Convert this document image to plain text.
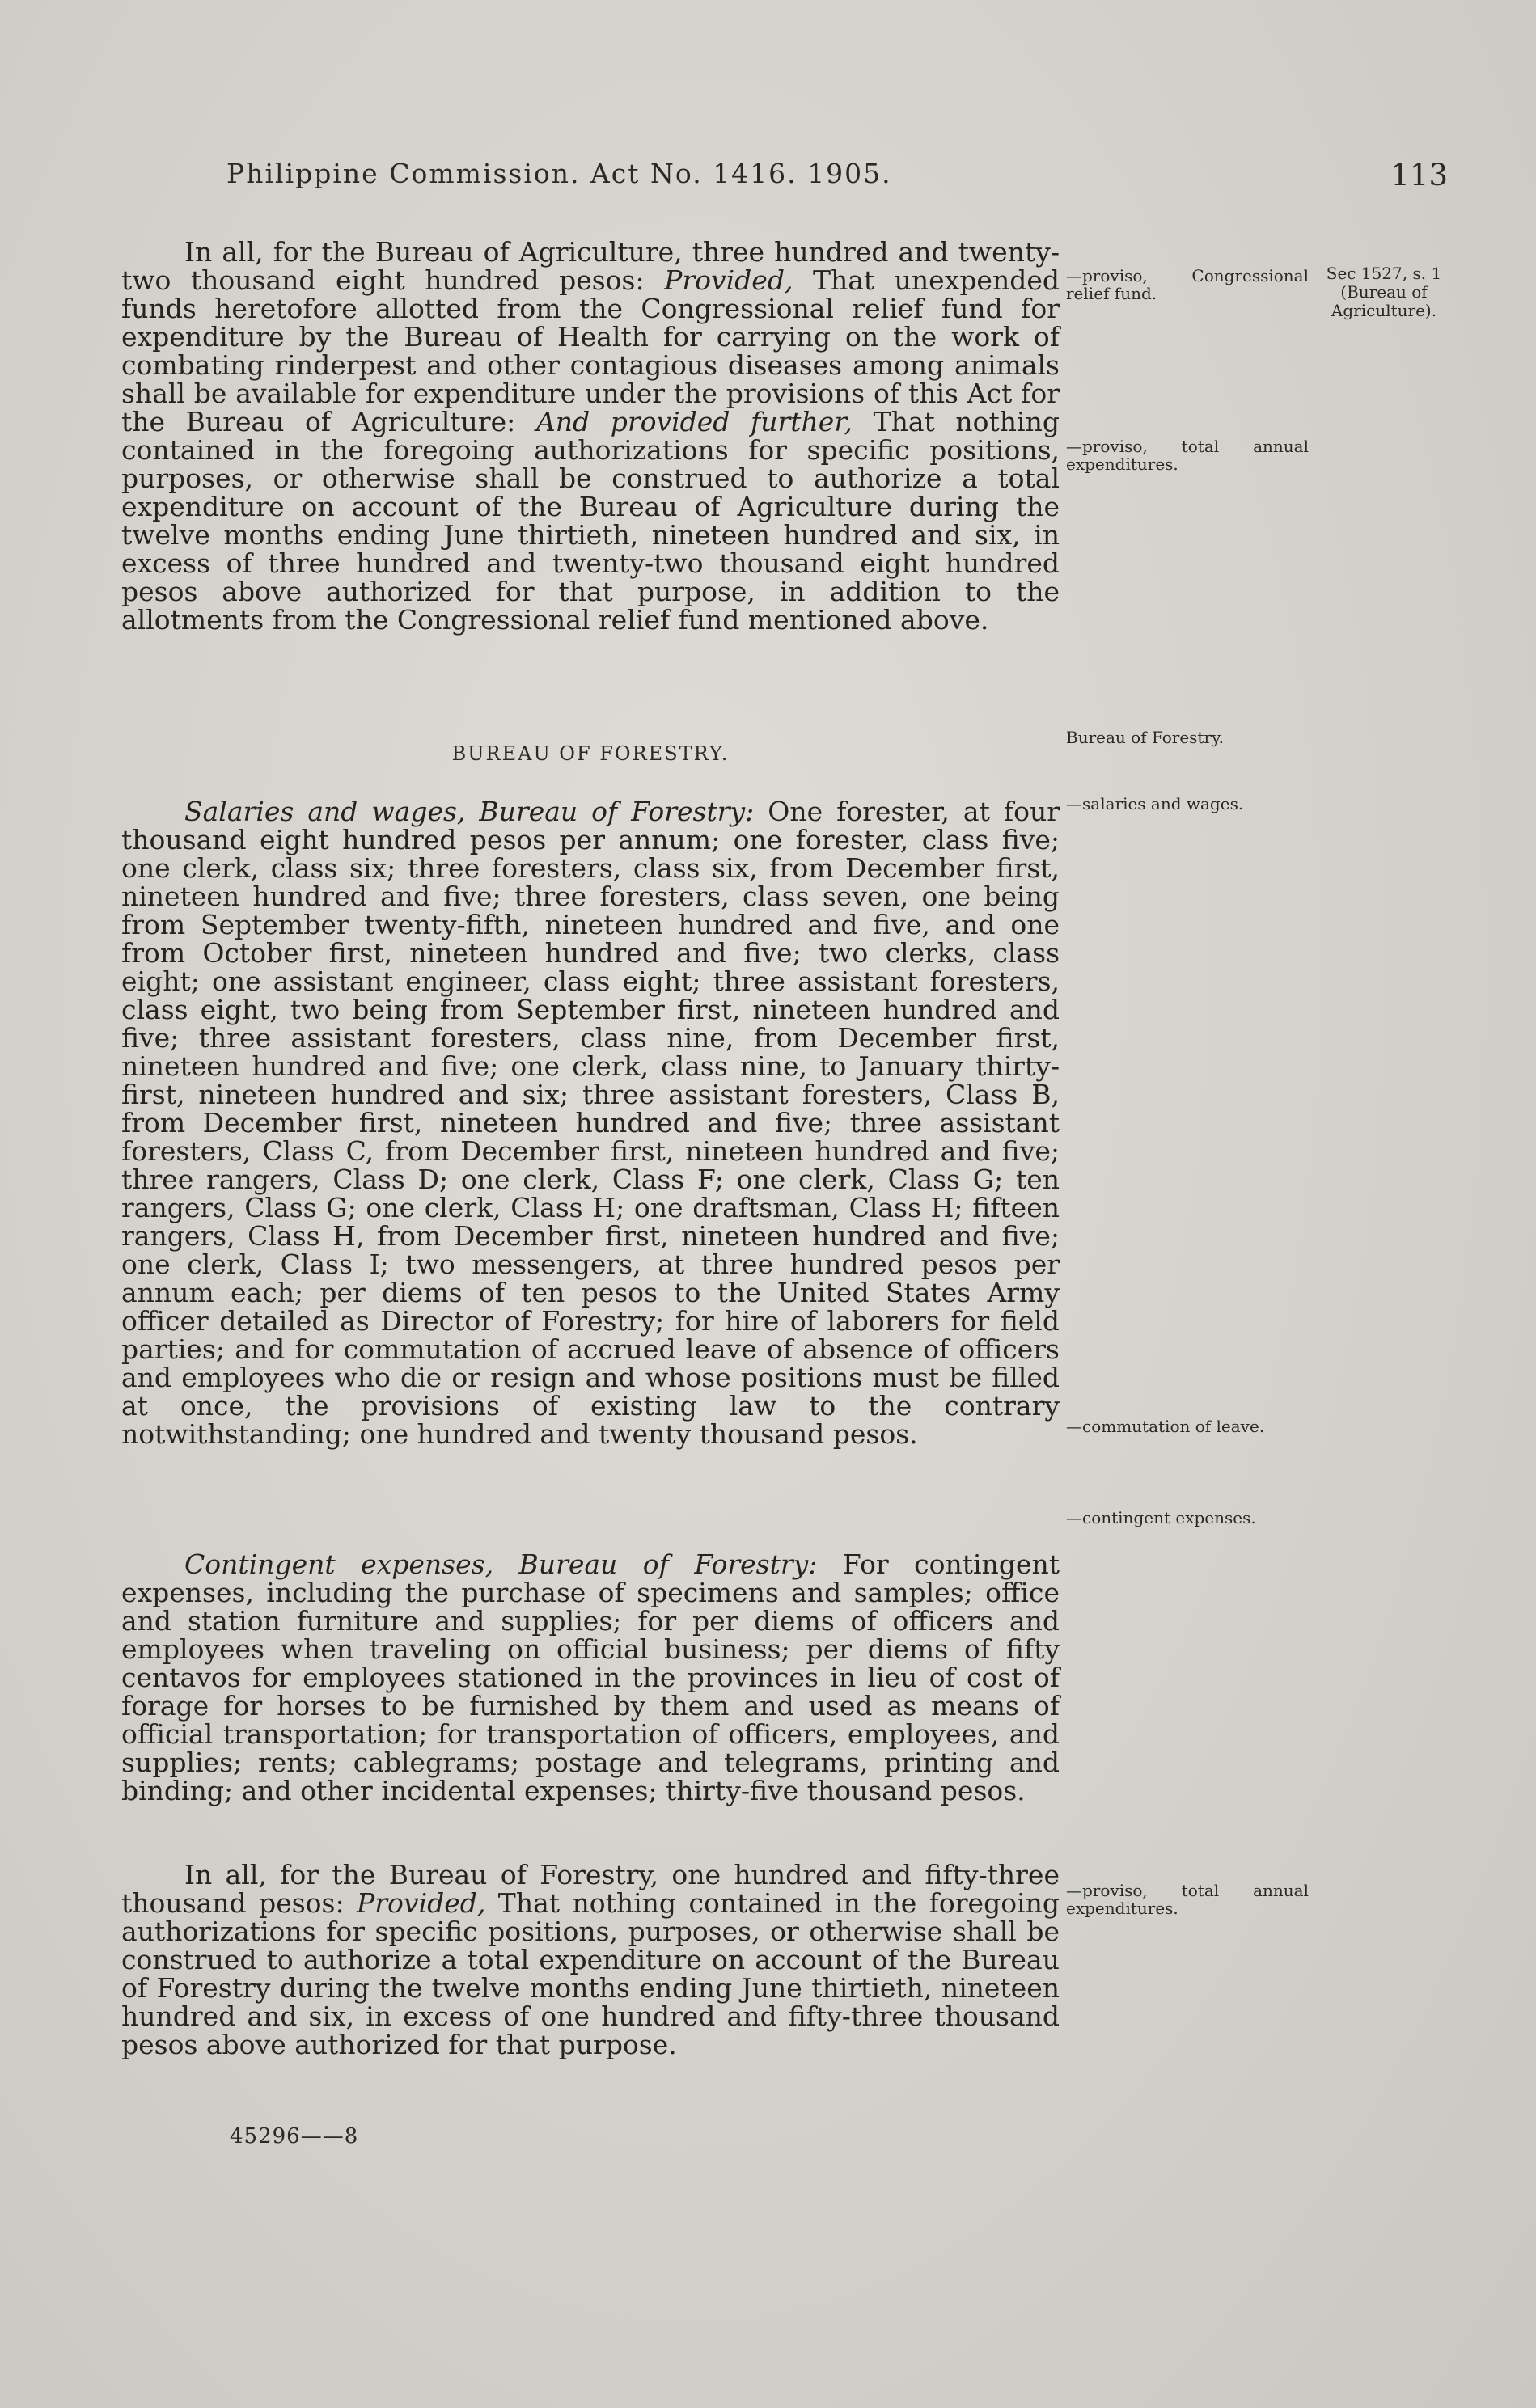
Philippine Commission. Act No. 1416. 1905.	113

In all, for the Bureau of Agriculture, three hundred and twenty-two thousand eight hundred pesos: Provided, That unexpended funds heretofore allotted from the Congressional relief fund for expenditure by the Bureau of Health for carrying on the work of combating rinderpest and other contagious diseases among animals shall be available for expenditure under the provisions of this Act for the Bureau of Agriculture: And provided further, That nothing contained in the foregoing authorizations for specific positions, purposes, or otherwise shall be construed to authorize a total expenditure on account of the Bureau of Agriculture during the twelve months ending June thirtieth, nineteen hundred and six, in excess of three hundred and twenty-two thousand eight hundred pesos above authorized for that purpose, in addition to the allotments from the Congressional relief fund mentioned above.

BUREAU OF FORESTRY.

Salaries and wages, Bureau of Forestry: One forester, at four thousand eight hundred pesos per annum; one forester, class five; one clerk, class six; three foresters, class six, from December first, nineteen hundred and five; three foresters, class seven, one being from September twenty-fifth, nineteen hundred and five, and one from October first, nineteen hundred and five; two clerks, class eight; one assistant engineer, class eight; three assistant foresters, class eight, two being from September first, nineteen hundred and five; three assistant foresters, class nine, from December first, nineteen hundred and five; one clerk, class nine, to January thirty-first, nineteen hundred and six; three assistant foresters, Class B, from December first, nineteen hundred and five; three assistant foresters, Class C, from December first, nineteen hundred and five; three rangers, Class D; one clerk, Class F; one clerk, Class G; ten rangers, Class G; one clerk, Class H; one draftsman, Class H; fifteen rangers, Class H, from December first, nineteen hundred and five; one clerk, Class I; two messengers, at three hundred pesos per annum each; per diems of ten pesos to the United States Army officer detailed as Director of Forestry; for hire of laborers for field parties; and for commutation of accrued leave of absence of officers and employees who die or resign and whose positions must be filled at once, the provisions of existing law to the contrary notwithstanding; one hundred and twenty thousand pesos.

Contingent expenses, Bureau of Forestry: For contingent expenses, including the purchase of specimens and samples; office and station furniture and supplies; for per diems of officers and employees when traveling on official business; per diems of fifty centavos for employees stationed in the provinces in lieu of cost of forage for horses to be furnished by them and used as means of official transportation; for transportation of officers, employees, and supplies; rents; cablegrams; postage and telegrams, printing and binding; and other incidental expenses; thirty-five thousand pesos.

In all, for the Bureau of Forestry, one hundred and fifty-three thousand pesos: Provided, That nothing contained in the foregoing authorizations for specific positions, purposes, or otherwise shall be construed to authorize a total expenditure on account of the Bureau of Forestry during the twelve months ending June thirtieth, nineteen hundred and six, in excess of one hundred and fifty-three thousand pesos above authorized for that purpose.

45296——8
—proviso, Congressional relief fund.
—proviso, total annual expenditures.
Bureau of Forestry.
—salaries and wages.
—commutation of leave.
—contingent expenses.
—proviso, total annual expenditures.
Sec 1527, s. 1 (Bureau of Agriculture).
